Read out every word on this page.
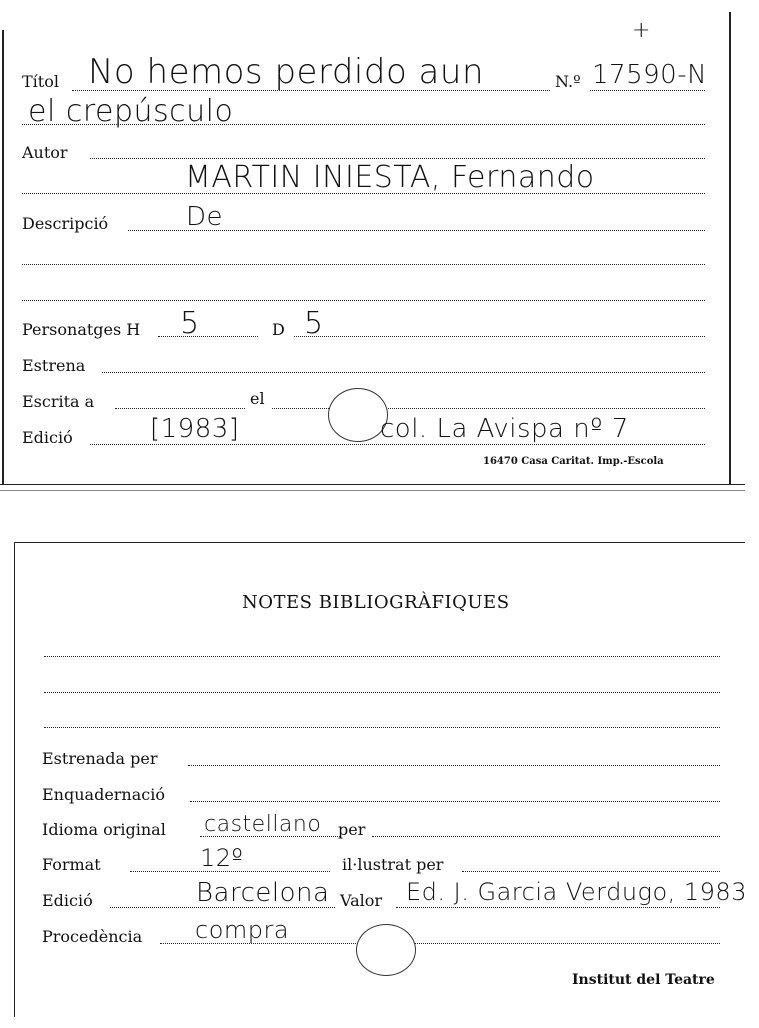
+
Títol No hemos perdido aun	N.º 17590-N
el crepúsculo
Autor
MARTIN INIESTA, Fernando
Descripció	De
Personatges H 5	D 5
Estrena
Escrita a	el
Edició	[1983]	col. La Avispa nº 7
16470 Casa Caritat. Imp.-Escola
NOTES BIBLIOGRÀFIQUES
Estrenada per
Enquadernació
Idioma original castellano per
Format	12º	il·lustrat per
Edició	Barcelona Valor Ed. J. Garcia Verdugo, 1983
Procedència compra
Institut del Teatre
